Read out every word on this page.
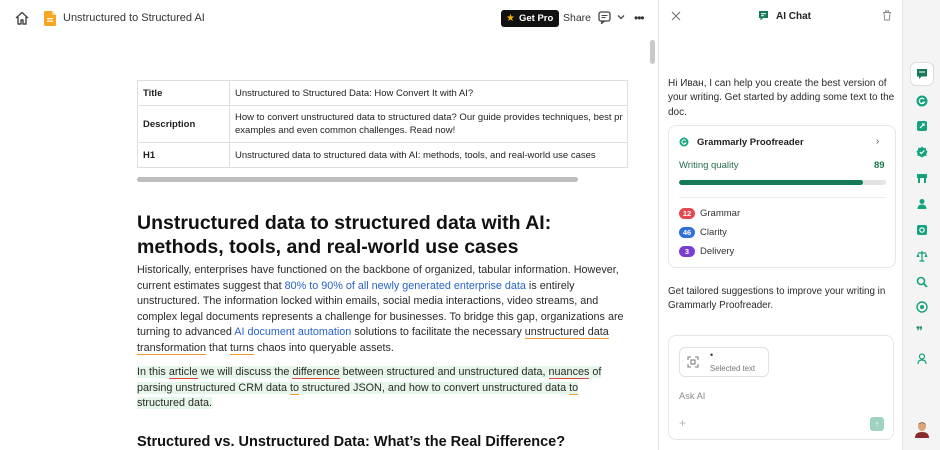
Unstructured to Structured AI	★ Get Pro Share	•••
Title	Unstructured to Structured Data: How Convert It with AI?
Description	How to convert unstructured data to structured data? Our guide provides techniques, best pr
examples and even common challenges. Read now!

H1	Unstructured data to structured data with AI: methods, tools, and real-world use cases
Unstructured data to structured data with AI: methods, tools, and real-world use cases

Historically, enterprises have functioned on the backbone of organized, tabular information. However, current estimates suggest that 80% to 90% of all newly generated enterprise data is entirely unstructured. The information locked within emails, social media interactions, video streams, and complex legal documents represents a challenge for businesses. To bridge this gap, organizations are turning to advanced AI document automation solutions to facilitate the necessary unstructured data transformation that turns chaos into queryable assets.

In this article we will discuss the difference between structured and unstructured data, nuances of parsing unstructured CRM data to structured JSON, and how to convert unstructured data to structured data.

Structured vs. Unstructured Data: What’s the Real Difference?
AI Chat

Hi Иван, I can help you create the best version of your writing. Get started by adding some text to the doc.

Grammarly Proofreader	›
Writing quality	89
12 Grammar
46 Clarity
3	Delivery

Get tailored suggestions to improve your writing in Grammarly Proofreader.

•
Selected text
Ask AI
+	↑
❞
